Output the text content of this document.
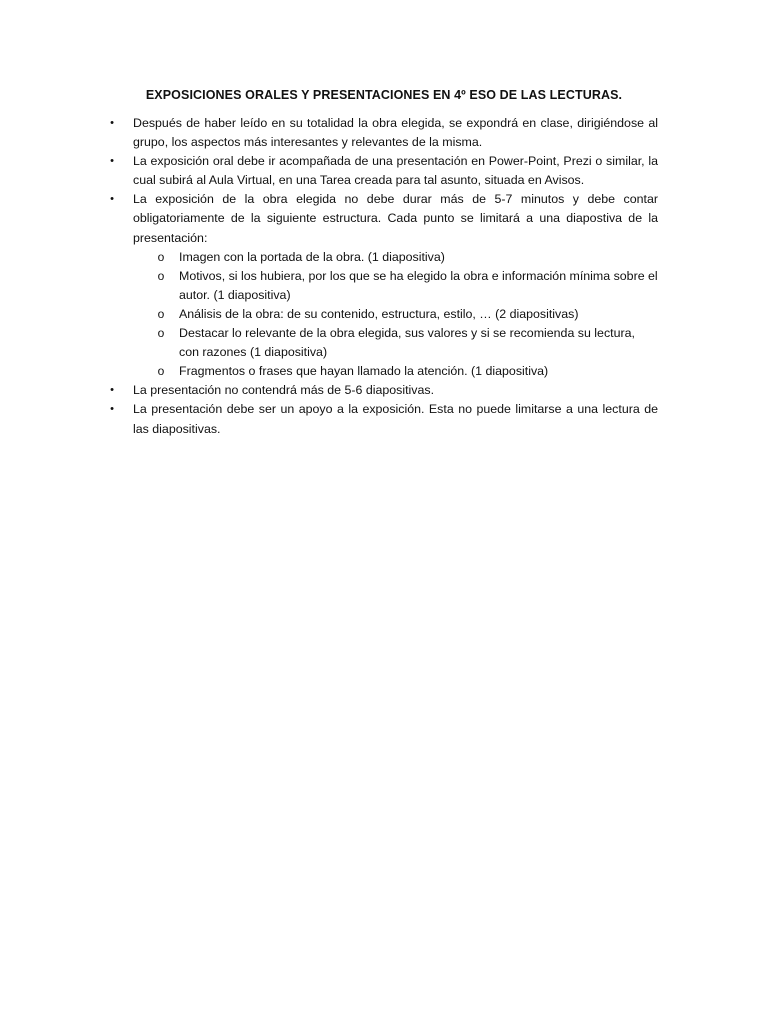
EXPOSICIONES ORALES Y PRESENTACIONES EN 4º ESO DE LAS LECTURAS.
•	Después de haber leído en su totalidad la obra elegida, se expondrá en clase, dirigiéndose al grupo, los aspectos más interesantes y relevantes de la misma.
•	La exposición oral debe ir acompañada de una presentación en Power-Point, Prezi o similar, la cual subirá al Aula Virtual, en una Tarea creada para tal asunto, situada en Avisos.
•	La exposición de la obra elegida no debe durar más de 5-7 minutos y debe contar obligatoriamente de la siguiente estructura. Cada punto se limitará a una diapostiva de la presentación:
o Imagen con la portada de la obra. (1 diapositiva)
o Motivos, si los hubiera, por los que se ha elegido la obra e información mínima sobre el autor. (1 diapositiva)
o Análisis de la obra: de su contenido, estructura, estilo, … (2 diapositivas)
o Destacar lo relevante de la obra elegida, sus valores y si se recomienda su lectura, con razones (1 diapositiva)
o Fragmentos o frases que hayan llamado la atención. (1 diapositiva)
•	La presentación no contendrá más de 5-6 diapositivas.
•	La presentación debe ser un apoyo a la exposición. Esta no puede limitarse a una lectura de las diapositivas.
